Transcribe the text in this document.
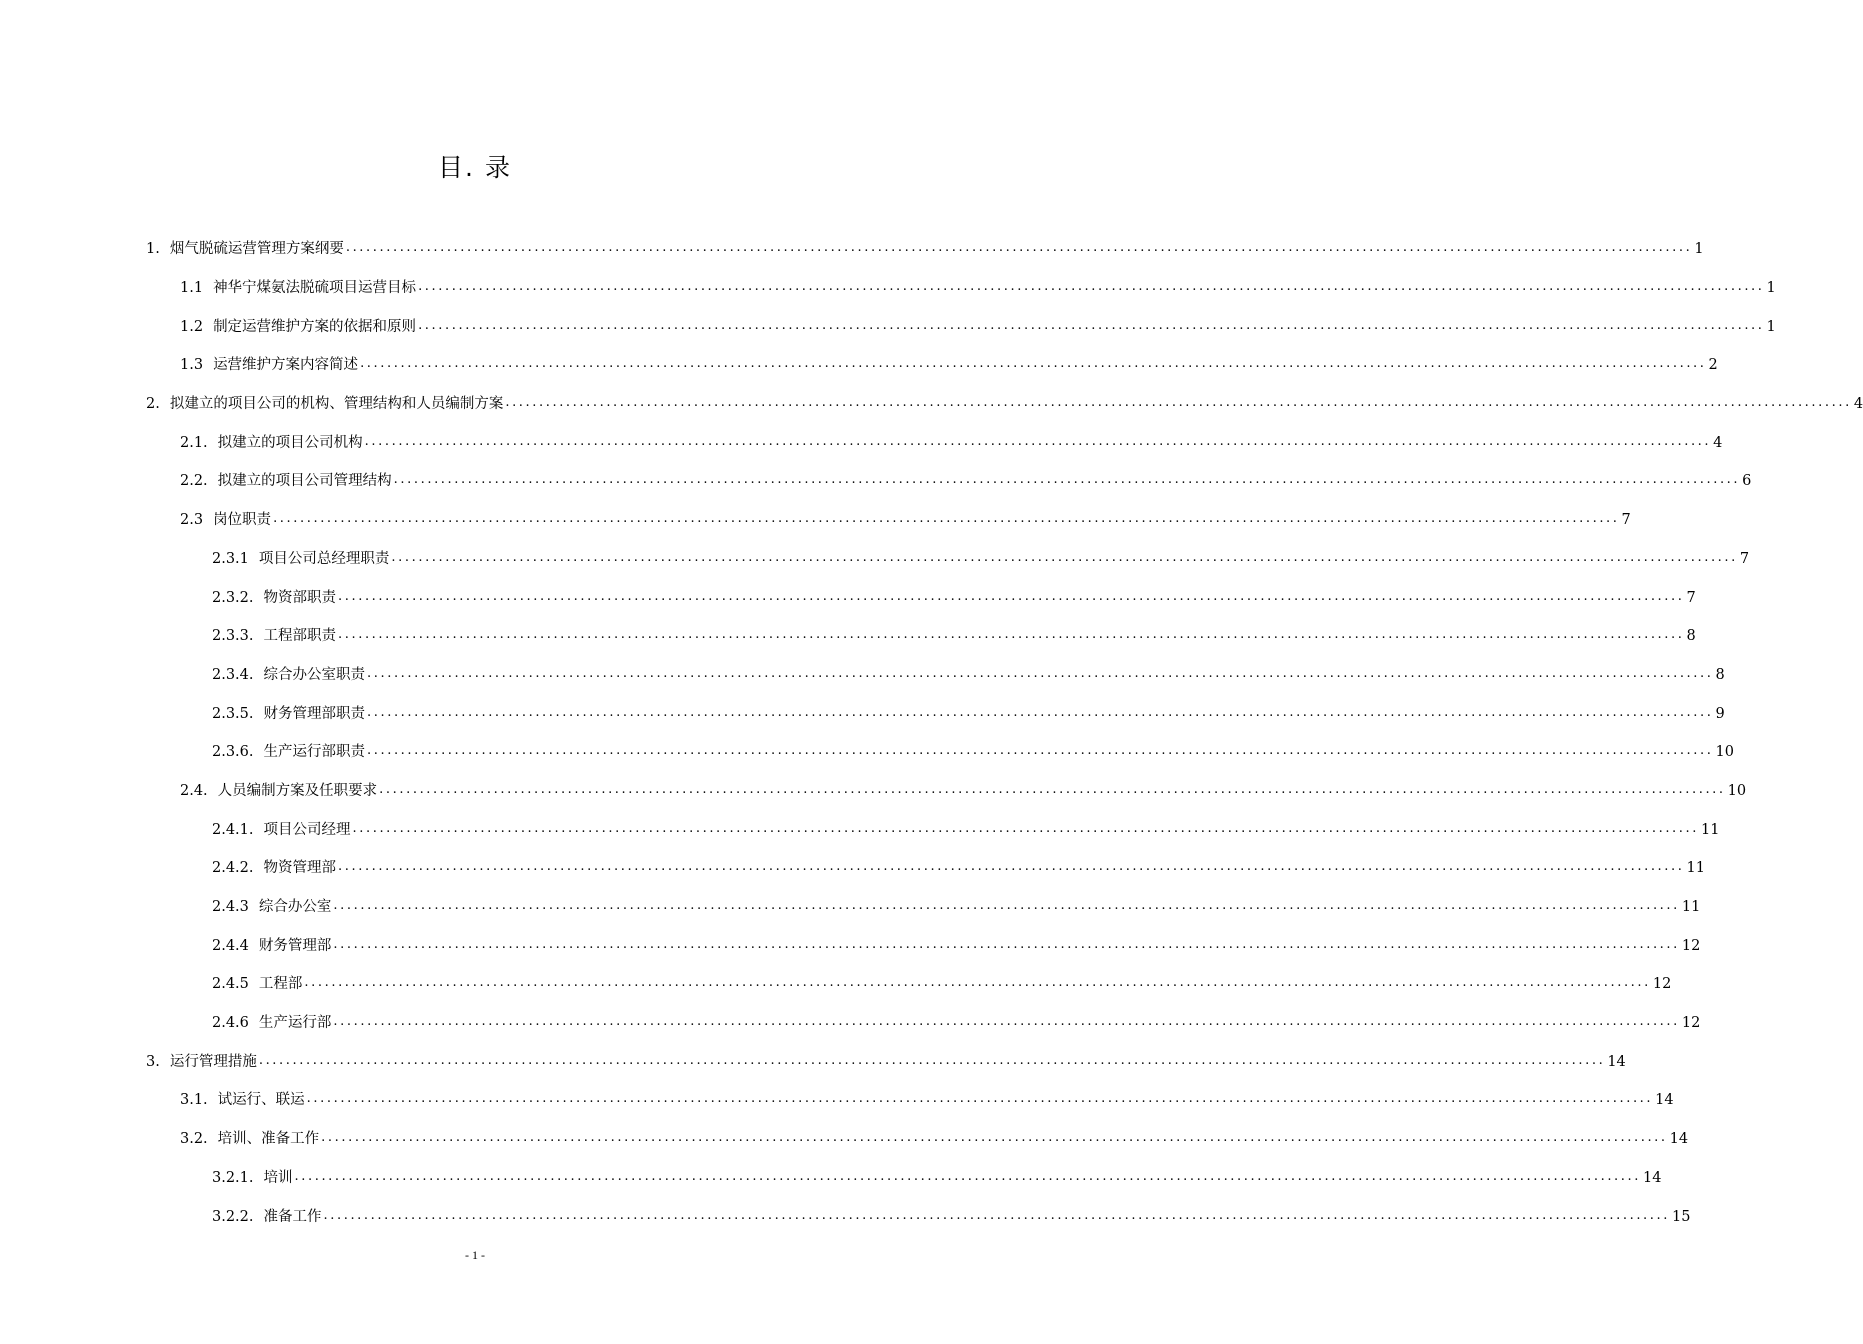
目. 录
1. 烟气脱硫运营管理方案纲要 ........................................................................................................................................................................................................ 1
1.1 神华宁煤氨法脱硫项目运营目标 ........................................................................................................................................................................................................ 1
1.2 制定运营维护方案的依据和原则 ........................................................................................................................................................................................................ 1
1.3 运营维护方案内容简述 ........................................................................................................................................................................................................ 2
2. 拟建立的项目公司的机构、管理结构和人员编制方案 ........................................................................................................................................................................................................ 4
2.1. 拟建立的项目公司机构 ........................................................................................................................................................................................................ 4
2.2. 拟建立的项目公司管理结构 ........................................................................................................................................................................................................ 6
2.3 岗位职责 ........................................................................................................................................................................................................ 7
2.3.1 项目公司总经理职责 ........................................................................................................................................................................................................ 7
2.3.2. 物资部职责 ........................................................................................................................................................................................................ 7
2.3.3. 工程部职责 ........................................................................................................................................................................................................ 8
2.3.4. 综合办公室职责 ........................................................................................................................................................................................................ 8
2.3.5. 财务管理部职责 ........................................................................................................................................................................................................ 9
2.3.6. 生产运行部职责 ........................................................................................................................................................................................................ 10
2.4. 人员编制方案及任职要求 ........................................................................................................................................................................................................ 10
2.4.1. 项目公司经理 ........................................................................................................................................................................................................ 11
2.4.2. 物资管理部 ........................................................................................................................................................................................................ 11
2.4.3 综合办公室 ........................................................................................................................................................................................................ 11
2.4.4 财务管理部 ........................................................................................................................................................................................................ 12
2.4.5 工程部 ........................................................................................................................................................................................................ 12
2.4.6 生产运行部 ........................................................................................................................................................................................................ 12
3. 运行管理措施 ........................................................................................................................................................................................................ 14
3.1. 试运行、联运 ........................................................................................................................................................................................................ 14
3.2. 培训、准备工作 ........................................................................................................................................................................................................ 14
3.2.1. 培训 ........................................................................................................................................................................................................ 14
3.2.2. 准备工作 ........................................................................................................................................................................................................ 15
- 1 -
